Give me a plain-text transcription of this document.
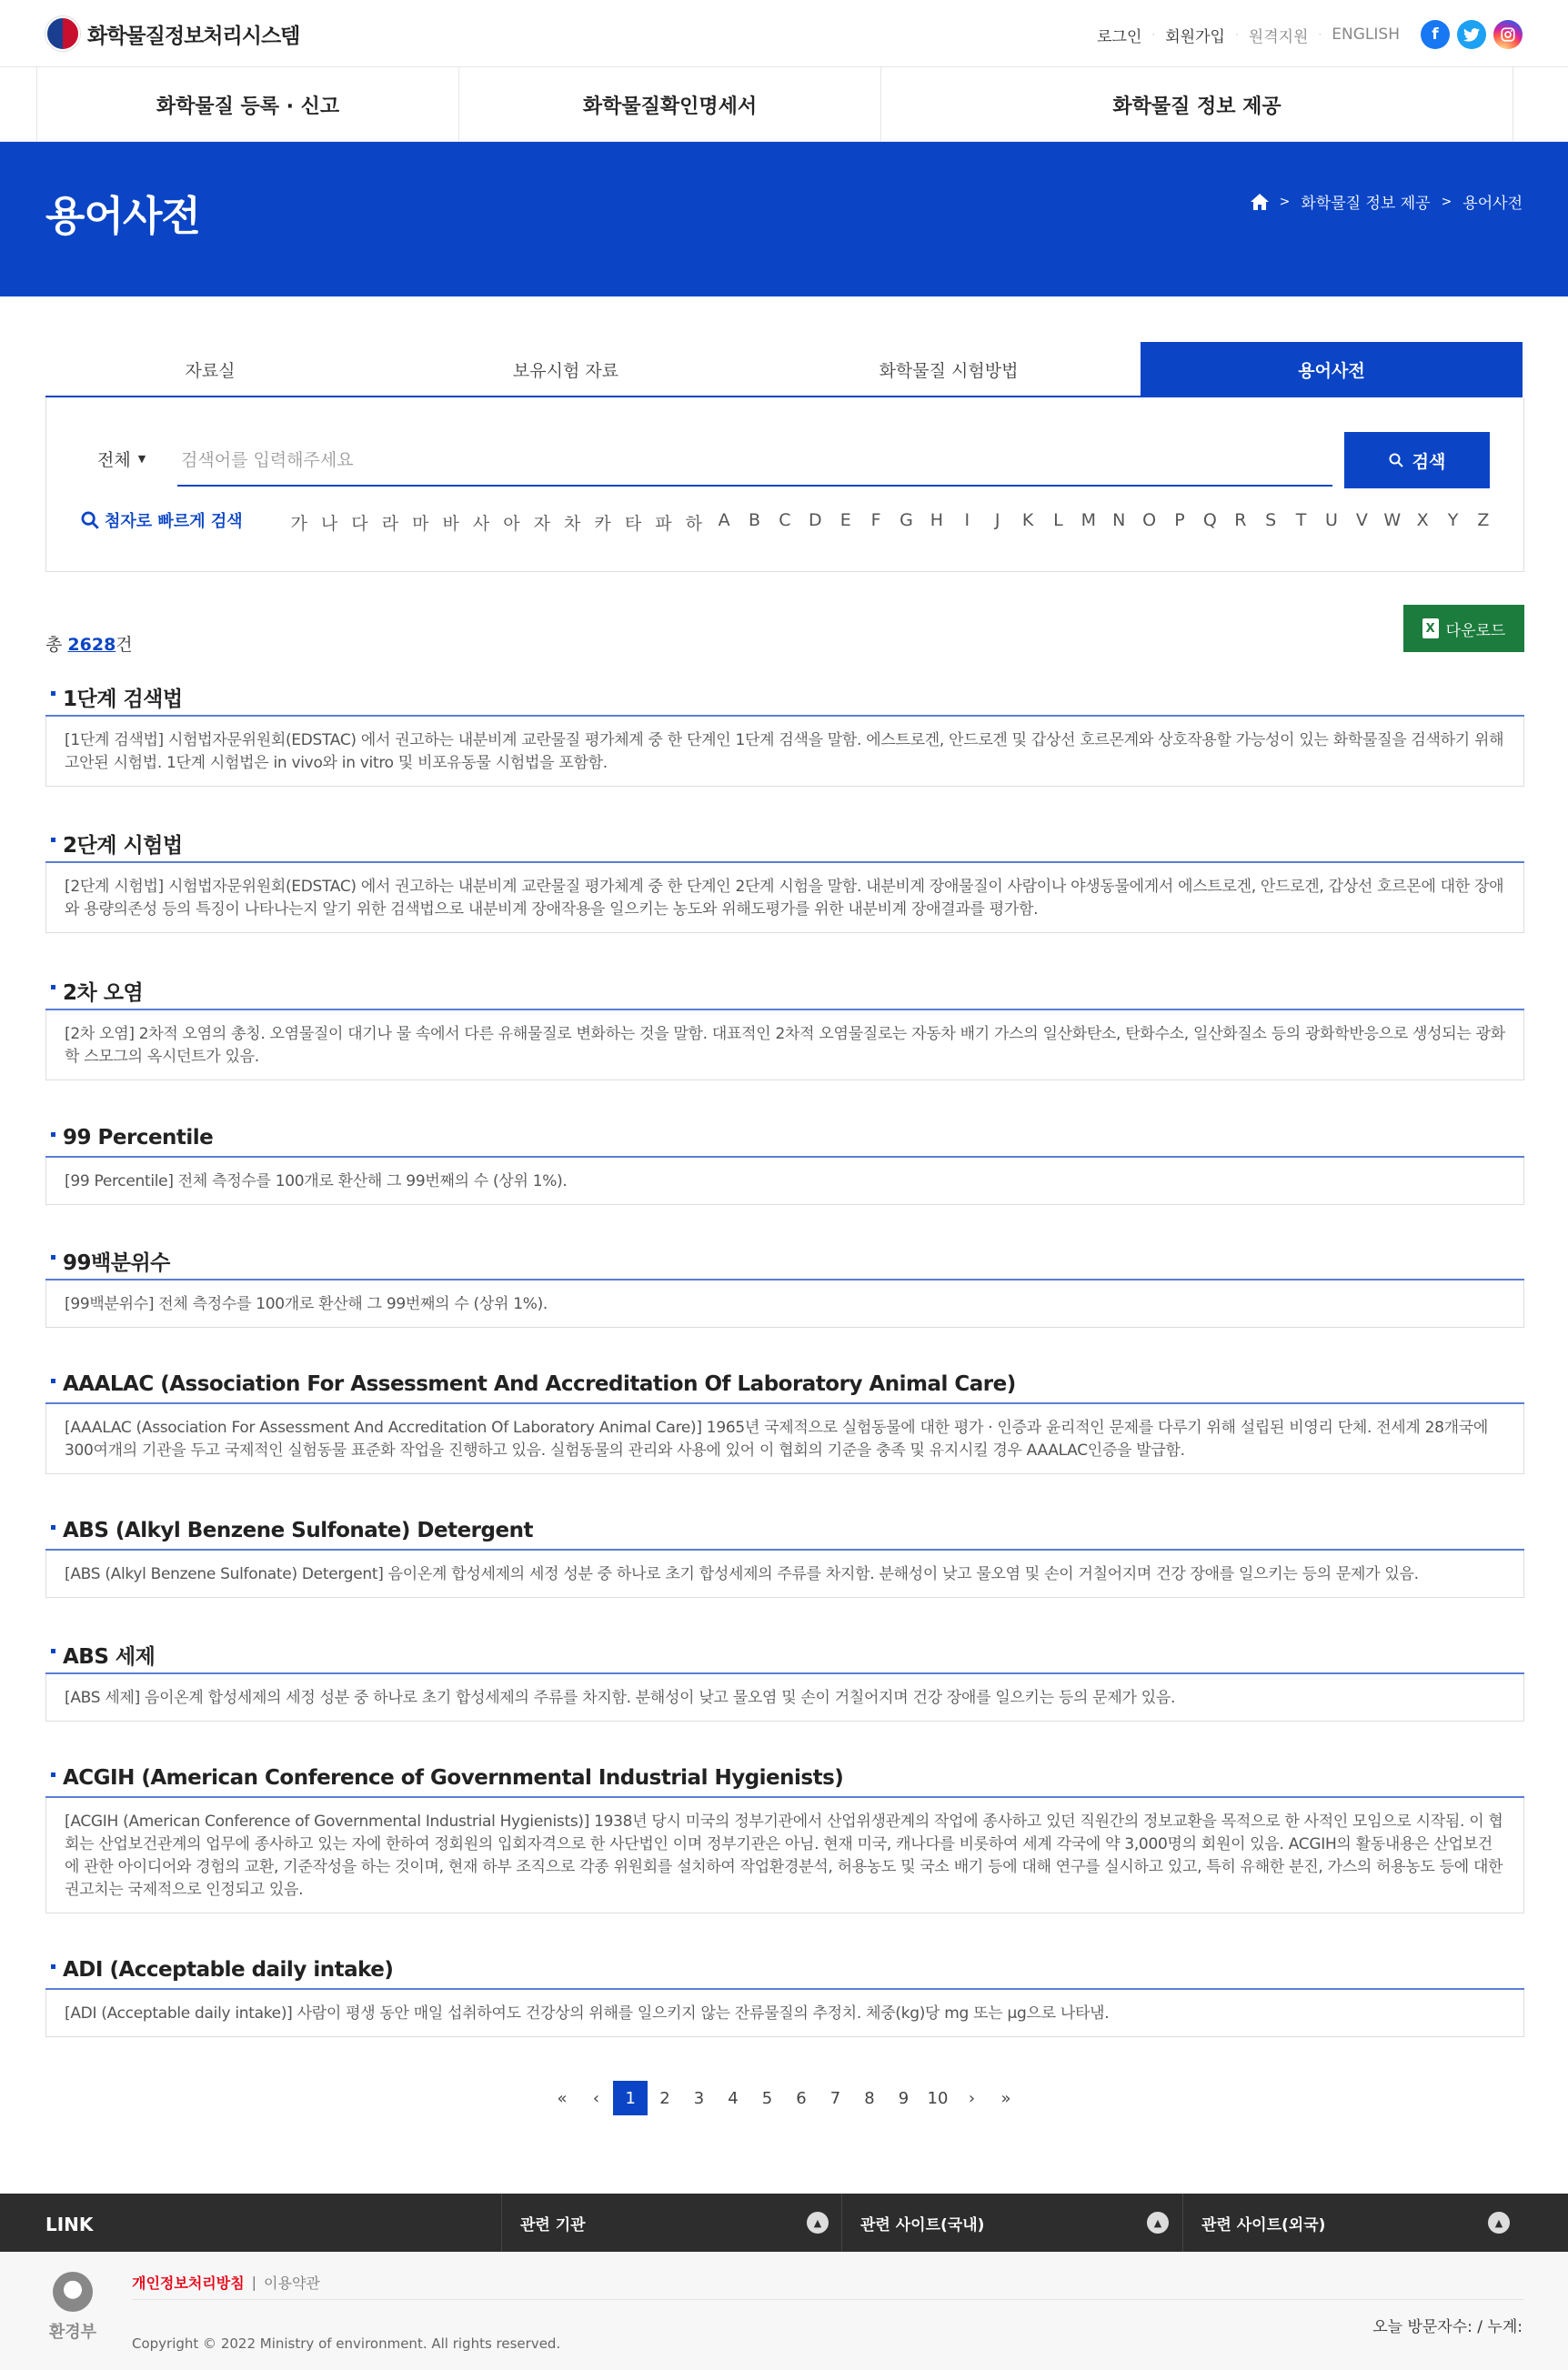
화학물질정보처리시스템	로그인 · 회원가입 · 원격지원 · ENGLISH	f
화학물질 등록 · 신고	화학물질확인명세서	화학물질 정보 제공
용어사전	> 화학물질 정보 제공 > 용어사전
자료실	보유시험 자료	화학물질 시험방법	용어사전
전체 ▼
검색어를 입력해주세요	검색
첨자로 빠르게 검색	가 나 다 라 마 바 사 아 자 차 카 타 파 하 A	B	C	D	E	F	G H	I	J	K	L	M N O	P	Q	R	S	T	U	V W X	Y	Z
총 2628건
X 다운로드
1단계 검색법
[1단계 검색법] 시험법자문위원회(EDSTAC) 에서 권고하는 내분비계 교란물질 평가체계 중 한 단계인 1단계 검색을 말함. 에스트로겐, 안드로겐 및 갑상선 호르몬계와 상호작용할 가능성이 있는 화학물질을 검색하기 위해 고안된 시험법. 1단계 시험법은 in vivo와 in vitro 및 비포유동물 시험법을 포함함.
2단계 시험법
[2단계 시험법] 시험법자문위원회(EDSTAC) 에서 권고하는 내분비계 교란물질 평가체계 중 한 단계인 2단계 시험을 말함. 내분비계 장애물질이 사람이나 야생동물에게서 에스트로겐, 안드로겐, 갑상선 호르몬에 대한 장애와 용량의존성 등의 특징이 나타나는지 알기 위한 검색법으로 내분비계 장애작용을 일으키는 농도와 위해도평가를 위한 내분비계 장애결과를 평가함.
2차 오염
[2차 오염] 2차적 오염의 총칭. 오염물질이 대기나 물 속에서 다른 유해물질로 변화하는 것을 말함. 대표적인 2차적 오염물질로는 자동차 배기 가스의 일산화탄소, 탄화수소, 일산화질소 등의 광화학반응으로 생성되는 광화학 스모그의 옥시던트가 있음.
99 Percentile
[99 Percentile] 전체 측정수를 100개로 환산해 그 99번째의 수 (상위 1%).
99백분위수
[99백분위수] 전체 측정수를 100개로 환산해 그 99번째의 수 (상위 1%).
AAALAC (Association For Assessment And Accreditation Of Laboratory Animal Care)
[AAALAC (Association For Assessment And Accreditation Of Laboratory Animal Care)] 1965년 국제적으로 실험동물에 대한 평가 · 인증과 윤리적인 문제를 다루기 위해 설립된 비영리 단체. 전세계 28개국에 300여개의 기관을 두고 국제적인 실험동물 표준화 작업을 진행하고 있음. 실험동물의 관리와 사용에 있어 이 협회의 기준을 충족 및 유지시킬 경우 AAALAC인증을 발급함.
ABS (Alkyl Benzene Sulfonate) Detergent
[ABS (Alkyl Benzene Sulfonate) Detergent] 음이온계 합성세제의 세정 성분 중 하나로 초기 합성세제의 주류를 차지함. 분해성이 낮고 물오염 및 손이 거칠어지며 건강 장애를 일으키는 등의 문제가 있음.
ABS 세제
[ABS 세제] 음이온계 합성세제의 세정 성분 중 하나로 초기 합성세제의 주류를 차지함. 분해성이 낮고 물오염 및 손이 거칠어지며 건강 장애를 일으키는 등의 문제가 있음.
ACGIH (American Conference of Governmental Industrial Hygienists)
[ACGIH (American Conference of Governmental Industrial Hygienists)] 1938년 당시 미국의 정부기관에서 산업위생관계의 작업에 종사하고 있던 직원간의 정보교환을 목적으로 한 사적인 모임으로 시작됨. 이 협회는 산업보건관계의 업무에 종사하고 있는 자에 한하여 정회원의 입회자격으로 한 사단법인 이며 정부기관은 아님. 현재 미국, 캐나다를 비롯하여 세계 각국에 약 3,000명의 회원이 있음. ACGIH의 활동내용은 산업보건에 관한 아이디어와 경험의 교환, 기준작성을 하는 것이며, 현재 하부 조직으로 각종 위원회를 설치하여 작업환경분석, 허용농도 및 국소 배기 등에 대해 연구를 실시하고 있고, 특히 유해한 분진, 가스의 허용농도 등에 대한 권고치는 국제적으로 인정되고 있음.
ADI (Acceptable daily intake)
[ADI (Acceptable daily intake)] 사람이 평생 동안 매일 섭취하여도 건강상의 위해를 일으키지 않는 잔류물질의 추정치. 체중(kg)당 mg 또는 μg으로 나타냄.
«	‹	1	2	3	4	5	6	7	8	9	10	›	»
LINK	관련 기관	▲	관련 사이트(국내)	▲	관련 사이트(외국)	▲
환경부
개인정보처리방침 | 이용약관
Copyright © 2022 Ministry of environment. All rights reserved.
오늘 방문자수: / 누계:
